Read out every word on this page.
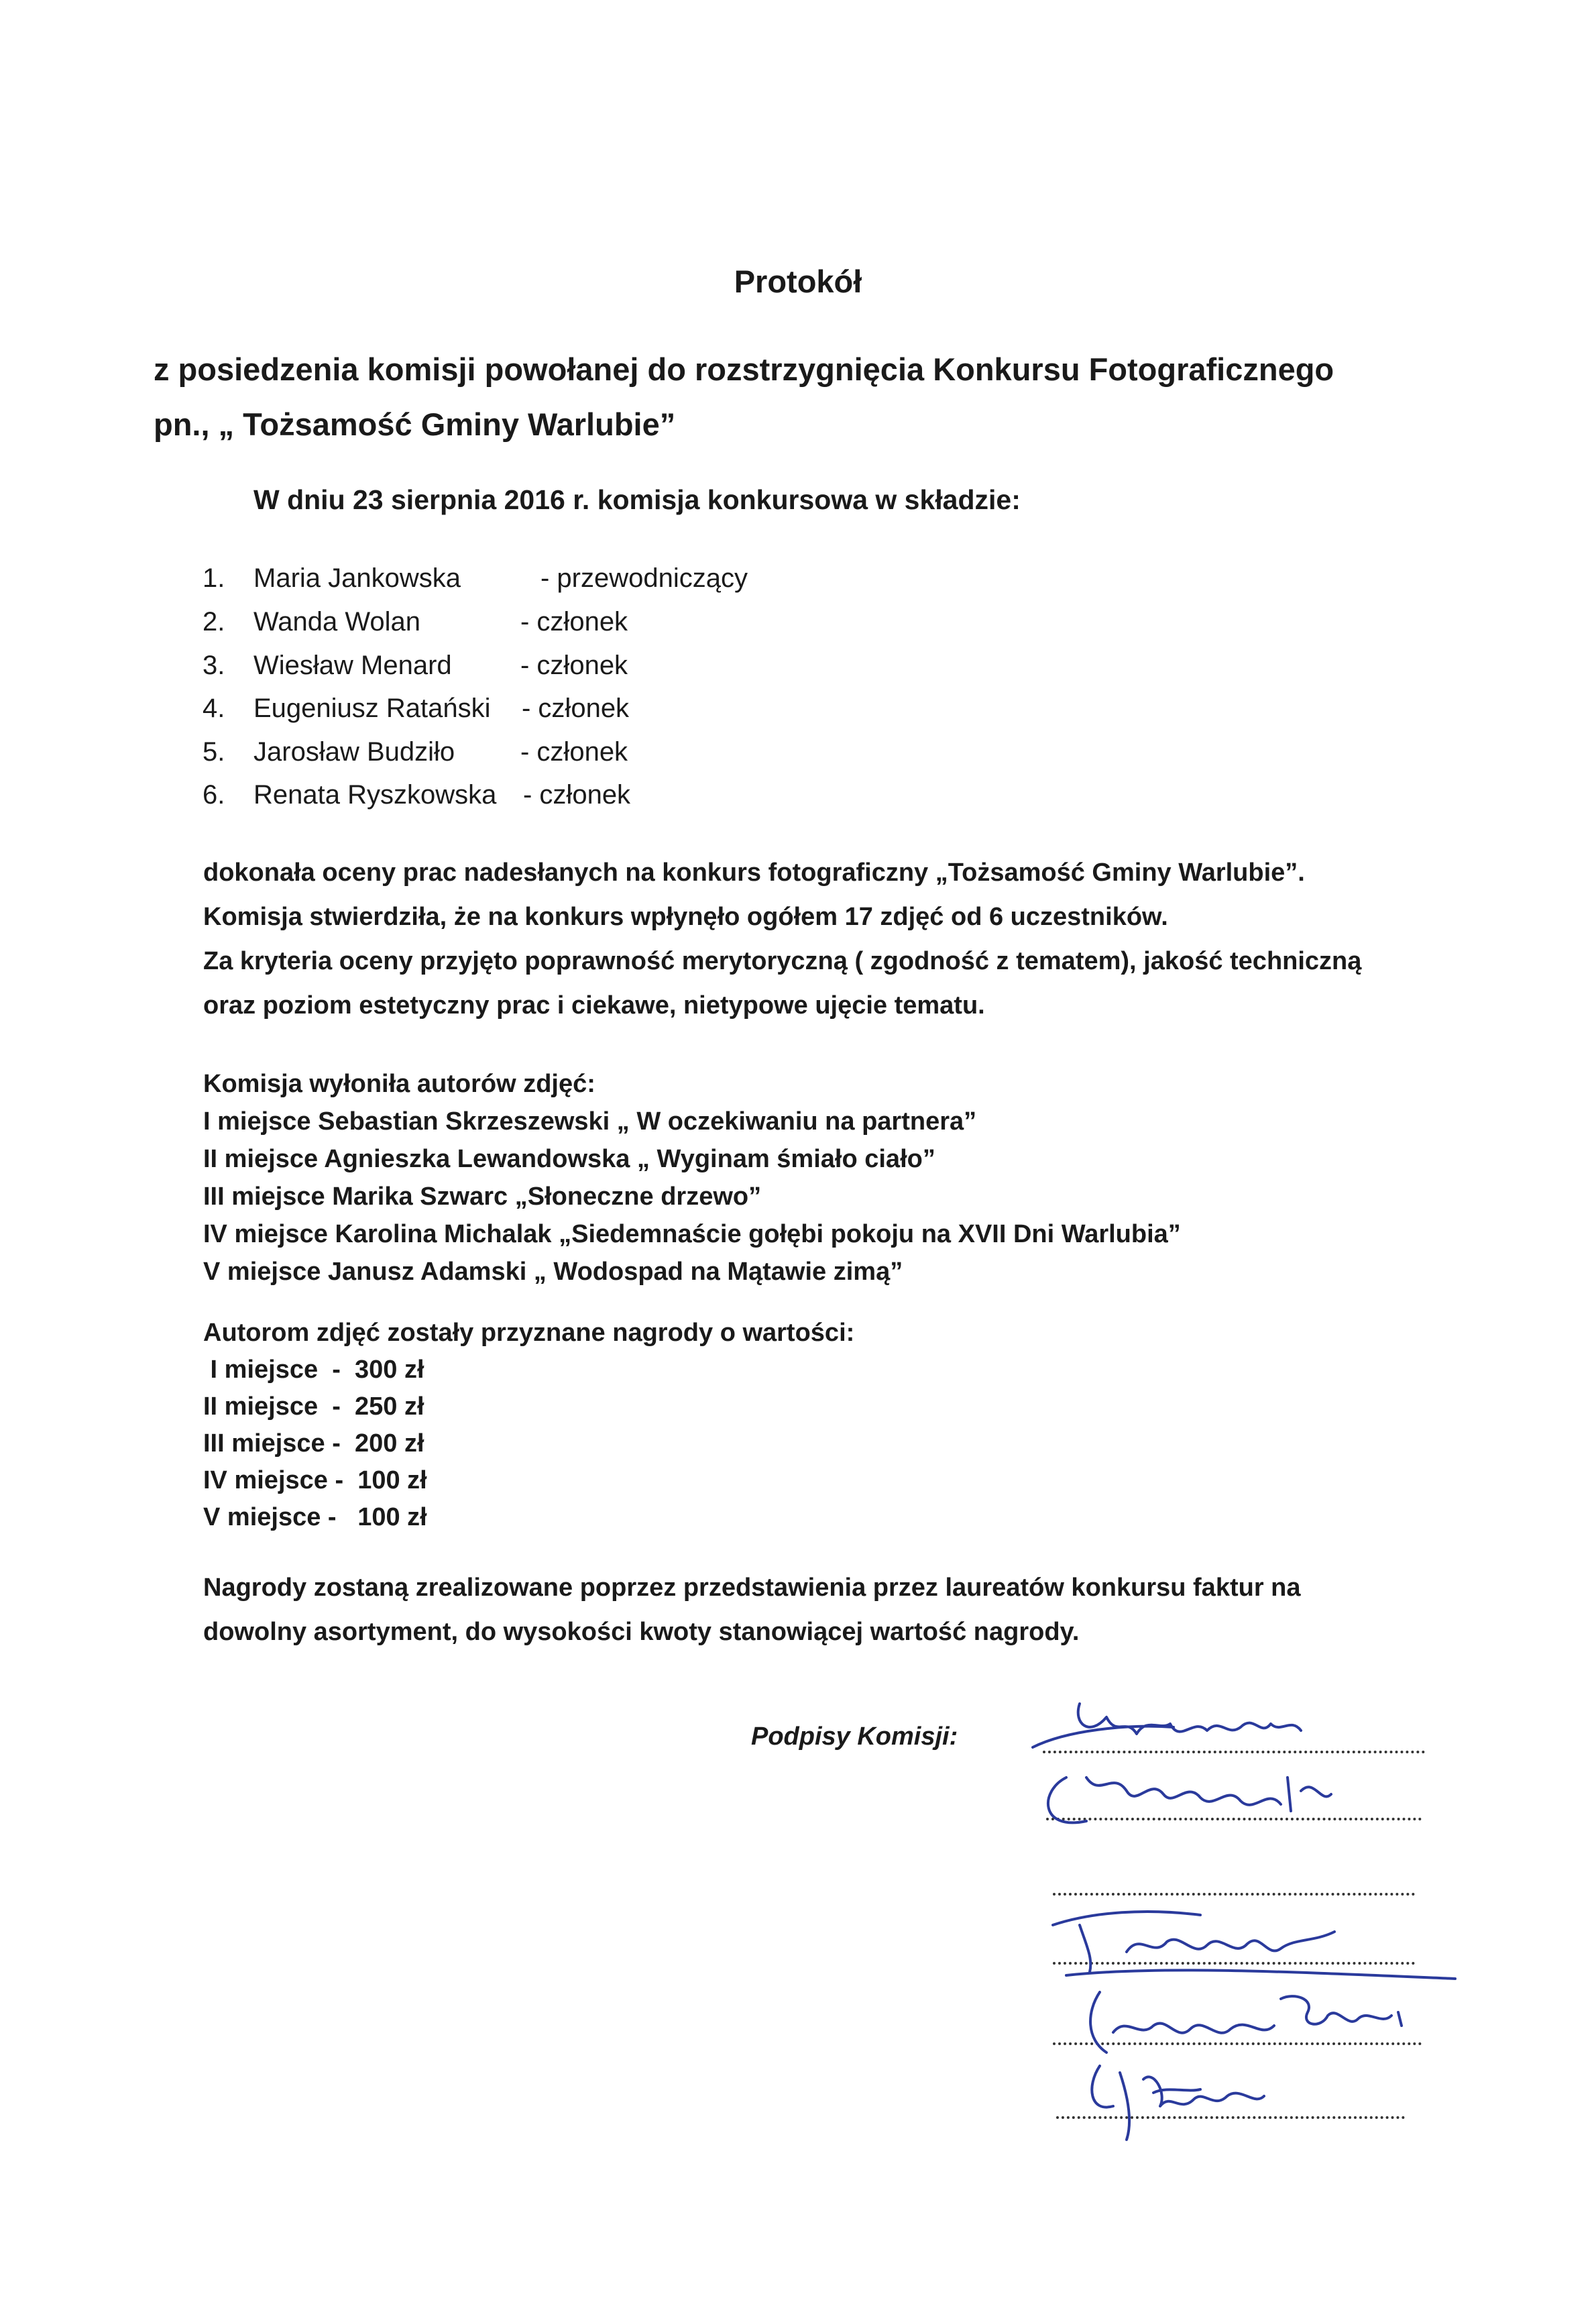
Protokół
z posiedzenia komisji powołanej do rozstrzygnięcia Konkursu Fotograficznego
pn., „ Tożsamość Gminy Warlubie”
W dniu 23 sierpnia 2016 r. komisja konkursowa w składzie:
1. Maria Jankowska	- przewodniczący
2. Wanda Wolan	- członek
3. Wiesław Menard	- członek
4. Eugeniusz Ratański - członek
5. Jarosław Budziło - członek
6. Renata Ryszkowska - członek
dokonała oceny prac nadesłanych na konkurs fotograficzny „Tożsamość Gminy Warlubie”.
Komisja stwierdziła, że na konkurs wpłynęło ogółem 17 zdjęć od 6 uczestników.
Za kryteria oceny przyjęto poprawność merytoryczną ( zgodność z tematem), jakość techniczną
oraz poziom estetyczny prac i ciekawe, nietypowe ujęcie tematu.
Komisja wyłoniła autorów zdjęć:
I miejsce Sebastian Skrzeszewski „ W oczekiwaniu na partnera”
II miejsce Agnieszka Lewandowska „ Wyginam śmiało ciało”
III miejsce Marika Szwarc „Słoneczne drzewo”
IV miejsce Karolina Michalak „Siedemnaście gołębi pokoju na XVII Dni Warlubia”
V miejsce Janusz Adamski „ Wodospad na Mątawie zimą”
Autorom zdjęć zostały przyznane nagrody o wartości:
I miejsce  -  300 zł
II miejsce  -  250 zł
III miejsce -  200 zł
IV miejsce -  100 zł
V miejsce -   100 zł
Nagrody zostaną zrealizowane poprzez przedstawienia przez laureatów konkursu faktur na
dowolny asortyment, do wysokości kwoty stanowiącej wartość nagrody.
Podpisy Komisji:
